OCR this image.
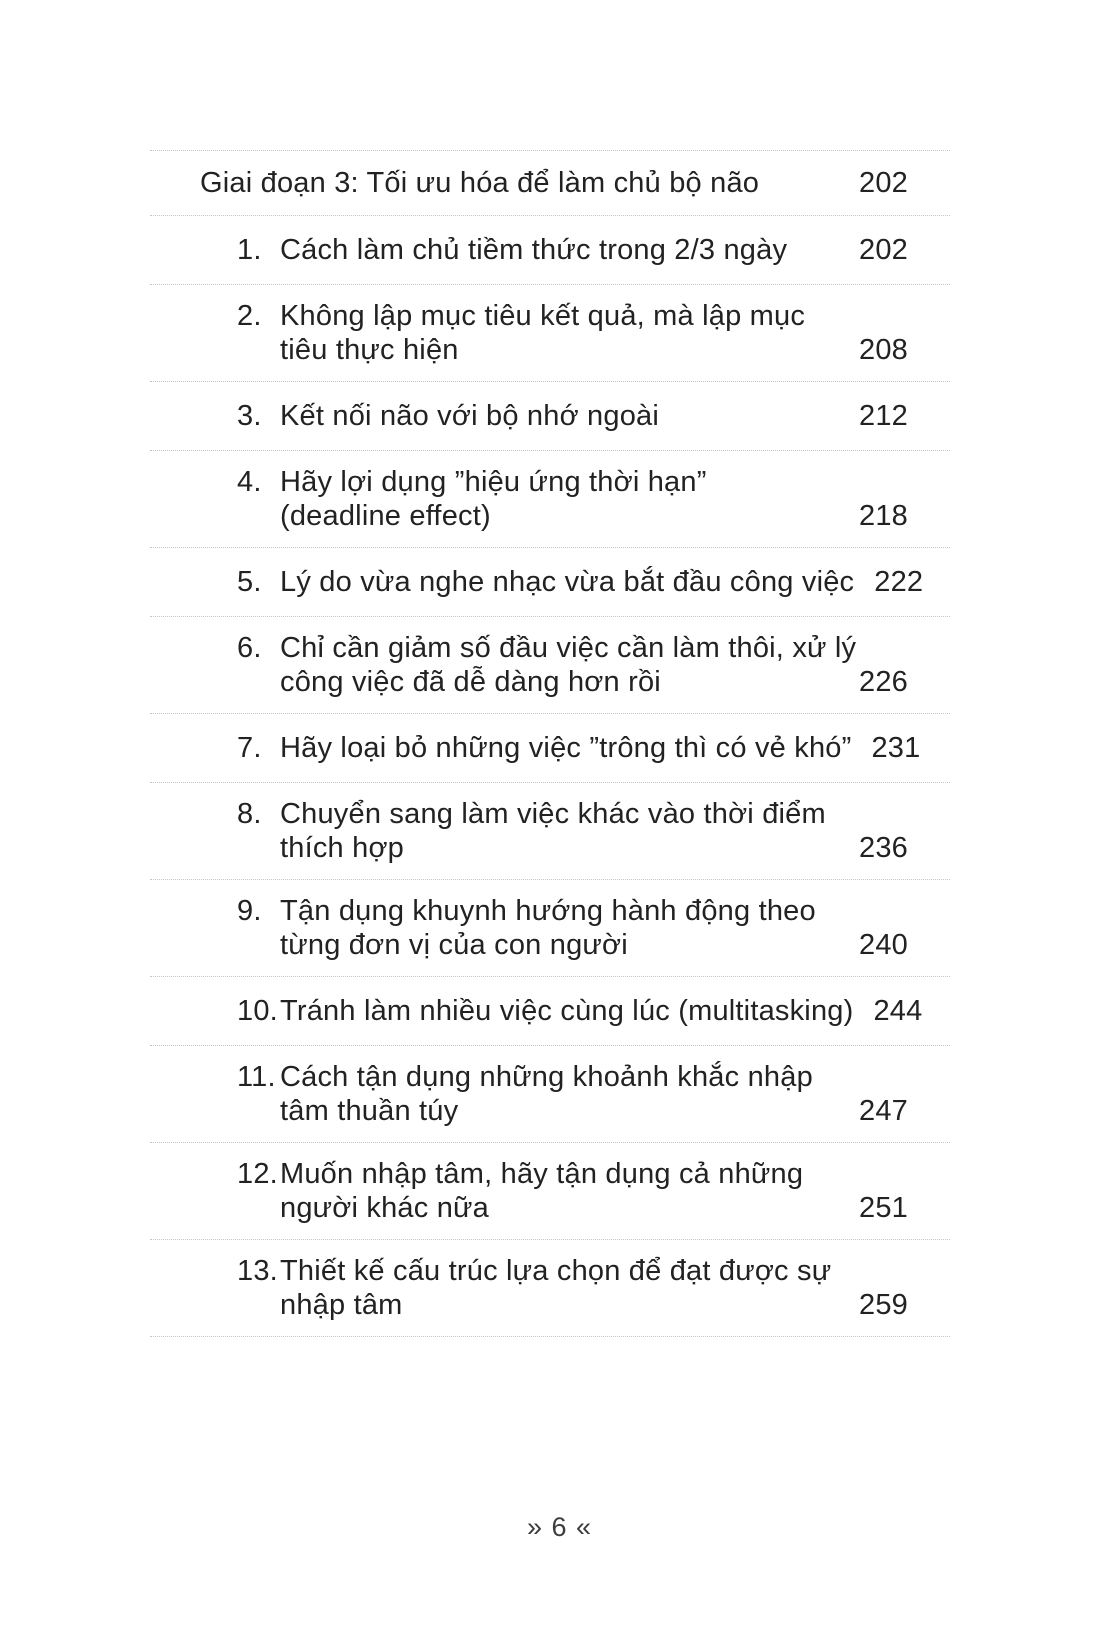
Giai đoạn 3: Tối ưu hóa để làm chủ bộ não	202
1. Cách làm chủ tiềm thức trong 2/3 ngày 202
2. Không lập mục tiêu kết quả, mà lập mục
tiêu thực hiện	208
3. Kết nối não với bộ nhớ ngoài	212
4. Hãy lợi dụng ”hiệu ứng thời hạn”
(deadline effect)	218
5. Lý do vừa nghe nhạc vừa bắt đầu công việc 222
6. Chỉ cần giảm số đầu việc cần làm thôi, xử lý
công việc đã dễ dàng hơn rồi	226
7. Hãy loại bỏ những việc ”trông thì có vẻ khó” 231
8. Chuyển sang làm việc khác vào thời điểm
thích hợp	236
9. Tận dụng khuynh hướng hành động theo
từng đơn vị của con người	240
10. Tránh làm nhiều việc cùng lúc (multitasking) 244
11. Cách tận dụng những khoảnh khắc nhập
tâm thuần túy	247
12. Muốn nhập tâm, hãy tận dụng cả những
người khác nữa	251
13. Thiết kế cấu trúc lựa chọn để đạt được sự
nhập tâm	259
» 6 «
